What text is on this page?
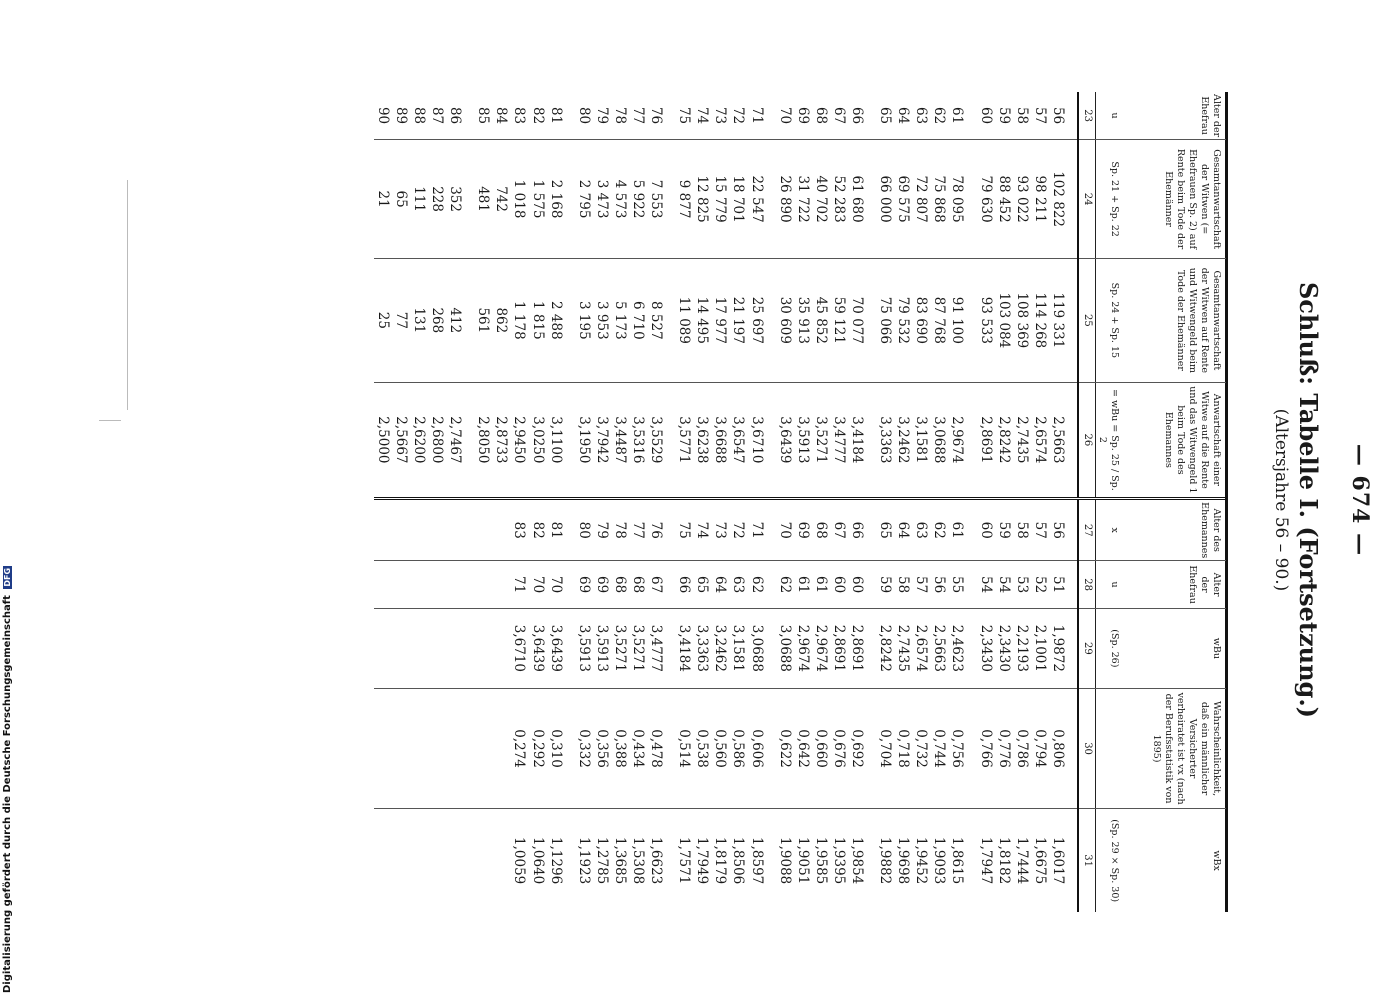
— 674 —
Schluß: Tabelle I. (Fortsetzung.)
(Altersjahre 56 – 90.)
Alter der Ehefrau	Gesamtanwartschaft der Witwen (= Ehefrauen Sp. 2) auf Rente beim Tode der Ehemänner	Gesamtanwartschaft der Witwen auf Rente und Witwengeld beim Tode der Ehemänner	Anwartschaft einer Witwe auf die Rente und das Witwengeld 1 beim Tode des Ehemannes	Alter des Ehemannes	Alter der Ehefrau	wBu	Wahrscheinlichkeit, daß ein männlicher Versicherter verheiratet ist vx (nach der Berufsstatistik von 1895)	wBx
u	Sp. 21 + Sp. 22	Sp. 24 + Sp. 15	= wBu = Sp. 25 / Sp. 2	x	u	(Sp. 26)		(Sp. 29 × Sp. 30)
23	24	25	26	27	28	29	30	31

56	102 822	119 331	2,5663	56	51	1,9872	0,806	1,6017
57	98 211	114 268	2,6574	57	52	2,1001	0,794	1,6675
58	93 022	108 369	2,7435	58	53	2,2193	0,786	1,7444
59	88 452	103 084	2,8242	59	54	2,3430	0,776	1,8182
60	79 630	93 533	2,8691	60	54	2,3430	0,766	1,7947

61	78 095	91 100	2,9674	61	55	2,4623	0,756	1,8615
62	75 868	87 768	3,0688	62	56	2,5663	0,744	1,9093
63	72 807	83 690	3,1581	63	57	2,6574	0,732	1,9452
64	69 575	79 532	3,2462	64	58	2,7435	0,718	1,9698
65	66 000	75 066	3,3363	65	59	2,8242	0,704	1,9882

66	61 680	70 077	3,4184	66	60	2,8691	0,692	1,9854
67	52 283	59 121	3,4777	67	60	2,8691	0,676	1,9395
68	40 702	45 852	3,5271	68	61	2,9674	0,660	1,9585
69	31 722	35 913	3,5913	69	61	2,9674	0,642	1,9051
70	26 890	30 609	3,6439	70	62	3,0688	0,622	1,9088

71	22 547	25 697	3,6710	71	62	3,0688	0,606	1,8597
72	18 701	21 197	3,6547	72	63	3,1581	0,586	1,8506
73	15 779	17 977	3,6688	73	64	3,2462	0,560	1,8179
74	12 825	14 495	3,6238	74	65	3,3363	0,538	1,7949
75	9 877	11 089	3,5771	75	66	3,4184	0,514	1,7571

76	7 553	8 527	3,5529	76	67	3,4777	0,478	1,6623
77	5 922	6 710	3,5316	77	68	3,5271	0,434	1,5308
78	4 573	5 173	3,4487	78	68	3,5271	0,388	1,3685
79	3 473	3 953	3,7942	79	69	3,5913	0,356	1,2785
80	2 795	3 195	3,1950	80	69	3,5913	0,332	1,1923

81	2 168	2 488	3,1100	81	70	3,6439	0,310	1,1296
82	1 575	1 815	3,0250	82	70	3,6439	0,292	1,0640
83	1 018	1 178	2,9450	83	71	3,6710	0,274	1,0059
84	742	862	2,8733					
85	481	561	2,8050					

86	352	412	2,7467					
87	228	268	2,6800					
88	111	131	2,6200					
89	65	77	2,5667					
90	21	25	2,5000					
Digitalisierung gefördert durch die Deutsche Forschungsgemeinschaft DFG
